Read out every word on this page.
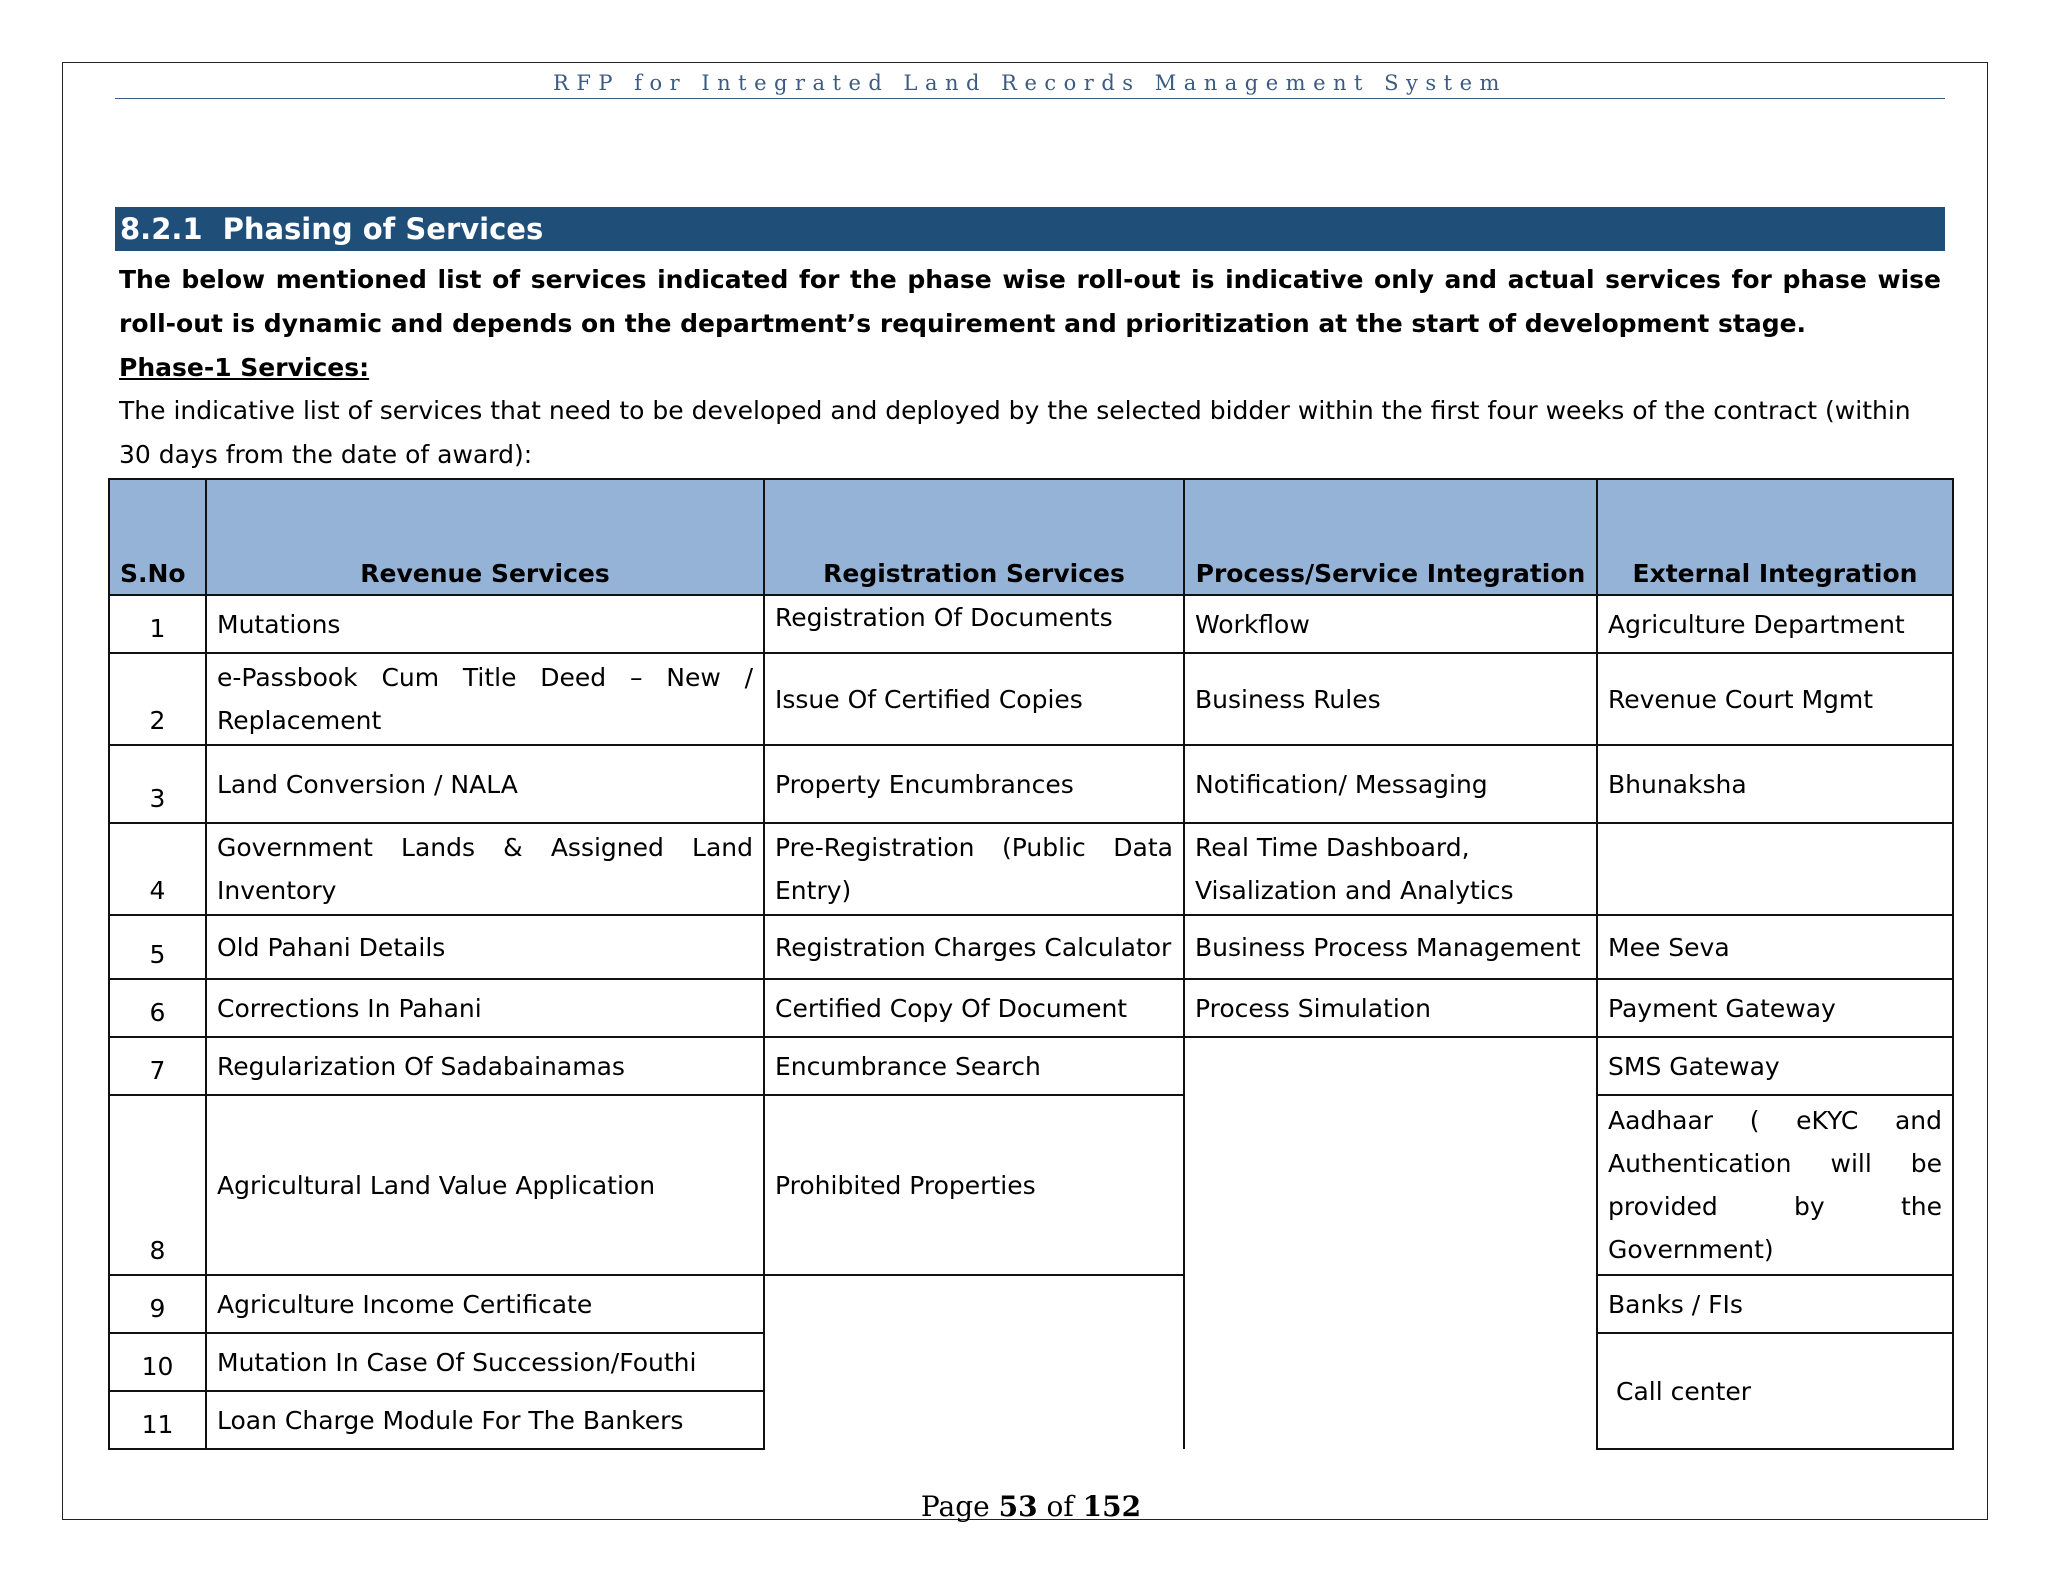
RFP for Integrated Land Records Management System
8.2.1 Phasing of Services
The below mentioned list of services indicated for the phase wise roll-out is indicative only and actual services for phase wise roll-out is dynamic and depends on the department’s requirement and prioritization at the start of development stage.
Phase-1 Services:
The indicative list of services that need to be developed and deployed by the selected bidder within the first four weeks of the contract (within 30 days from the date of award):
S.No	Revenue Services	Registration Services	Process/Service Integration	External Integration
1	Mutations	Registration Of Documents	Workflow	Agriculture Department
2	e-Passbook Cum Title Deed – New / Replacement	Issue Of Certified Copies	Business Rules	Revenue Court Mgmt
3	Land Conversion / NALA	Property Encumbrances	Notification/ Messaging	Bhunaksha
4	Government Lands & Assigned Land Inventory	Pre-Registration (Public Data Entry)	Real Time Dashboard, Visalization and Analytics	
5	Old Pahani Details	Registration Charges Calculator	Business Process Management	Mee Seva
6	Corrections In Pahani	Certified Copy Of Document	Process Simulation	Payment Gateway
7	Regularization Of Sadabainamas	Encumbrance Search		SMS Gateway
8	Agricultural Land Value Application	Prohibited Properties		Aadhaar ( eKYC and Authentication will be provided by the Government)
9	Agriculture Income Certificate			Banks / FIs
10	Mutation In Case Of Succession/Fouthi			Call center
11	Loan Charge Module For The Bankers			
Page 53 of 152
